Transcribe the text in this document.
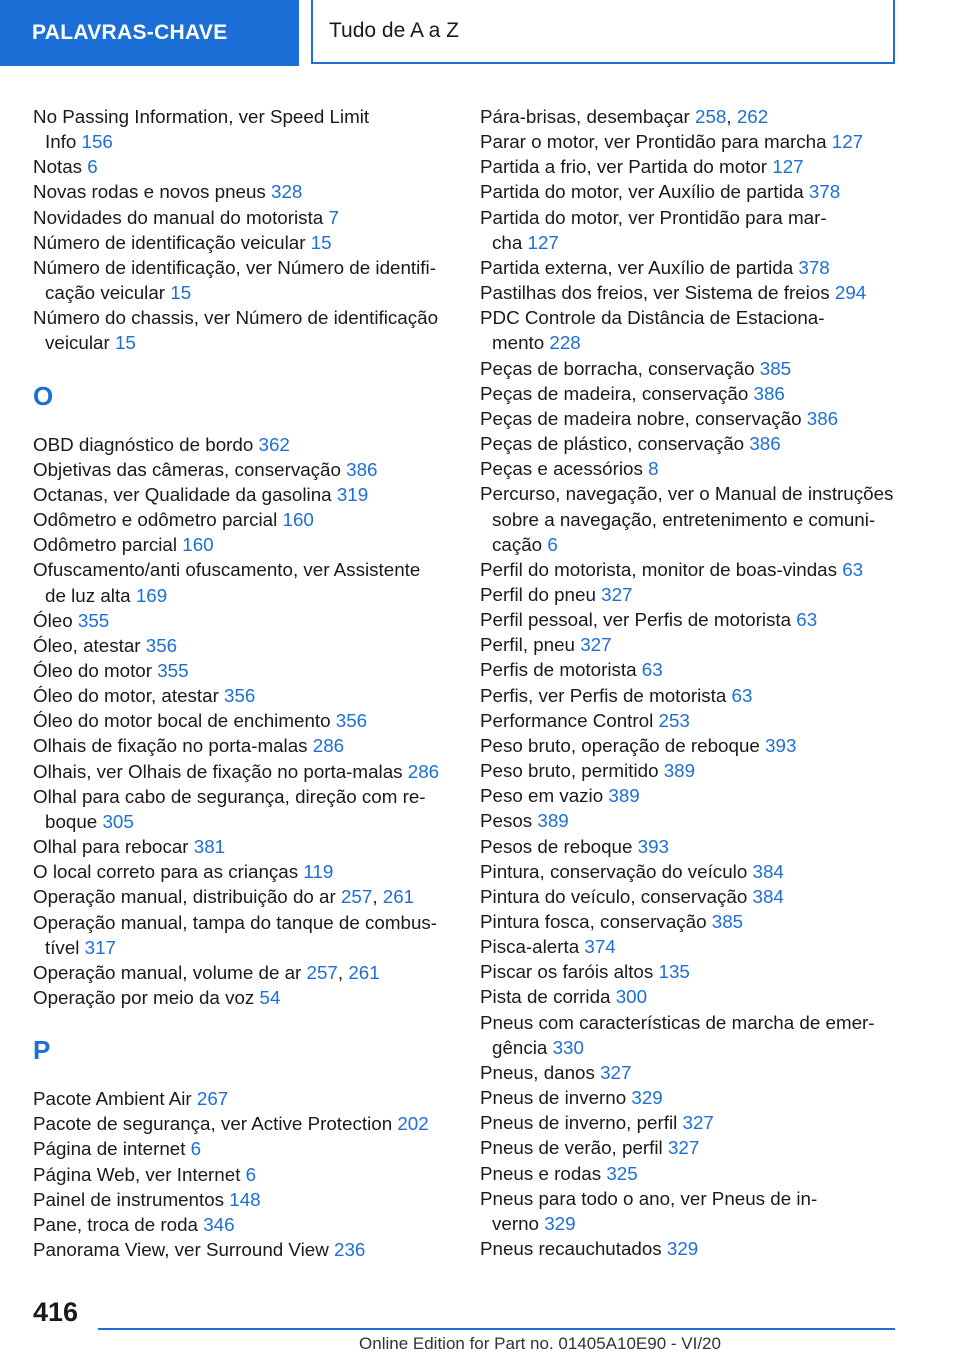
PALAVRAS-CHAVE	Tudo de A a Z
No Passing Information, ver Speed Limit
Info 156
Notas 6
Novas rodas e novos pneus 328
Novidades do manual do motorista 7
Número de identificação veicular 15
Número de identificação, ver Número de identifi-
cação veicular 15
Número do chassis, ver Número de identificação
veicular 15
O
OBD diagnóstico de bordo 362
Objetivas das câmeras, conservação 386
Octanas, ver Qualidade da gasolina 319
Odômetro e odômetro parcial 160
Odômetro parcial 160
Ofuscamento/anti ofuscamento, ver Assistente
de luz alta 169
Óleo 355
Óleo, atestar 356
Óleo do motor 355
Óleo do motor, atestar 356
Óleo do motor bocal de enchimento 356
Olhais de fixação no porta-malas 286
Olhais, ver Olhais de fixação no porta-malas 286
Olhal para cabo de segurança, direção com re-
boque 305
Olhal para rebocar 381
O local correto para as crianças 119
Operação manual, distribuição do ar 257, 261
Operação manual, tampa do tanque de combus-
tível 317
Operação manual, volume de ar 257, 261
Operação por meio da voz 54
P
Pacote Ambient Air 267
Pacote de segurança, ver Active Protection 202
Página de internet 6
Página Web, ver Internet 6
Painel de instrumentos 148
Pane, troca de roda 346
Panorama View, ver Surround View 236
Pára-brisas, desembaçar 258, 262
Parar o motor, ver Prontidão para marcha 127
Partida a frio, ver Partida do motor 127
Partida do motor, ver Auxílio de partida 378
Partida do motor, ver Prontidão para mar-
cha 127
Partida externa, ver Auxílio de partida 378
Pastilhas dos freios, ver Sistema de freios 294
PDC Controle da Distância de Estaciona-
mento 228
Peças de borracha, conservação 385
Peças de madeira, conservação 386
Peças de madeira nobre, conservação 386
Peças de plástico, conservação 386
Peças e acessórios 8
Percurso, navegação, ver o Manual de instruções
sobre a navegação, entretenimento e comuni-
cação 6
Perfil do motorista, monitor de boas-vindas 63
Perfil do pneu 327
Perfil pessoal, ver Perfis de motorista 63
Perfil, pneu 327
Perfis de motorista 63
Perfis, ver Perfis de motorista 63
Performance Control 253
Peso bruto, operação de reboque 393
Peso bruto, permitido 389
Peso em vazio 389
Pesos 389
Pesos de reboque 393
Pintura, conservação do veículo 384
Pintura do veículo, conservação 384
Pintura fosca, conservação 385
Pisca-alerta 374
Piscar os faróis altos 135
Pista de corrida 300
Pneus com características de marcha de emer-
gência 330
Pneus, danos 327
Pneus de inverno 329
Pneus de inverno, perfil 327
Pneus de verão, perfil 327
Pneus e rodas 325
Pneus para todo o ano, ver Pneus de in-
verno 329
Pneus recauchutados 329
416
Online Edition for Part no. 01405A10E90 - VI/20
